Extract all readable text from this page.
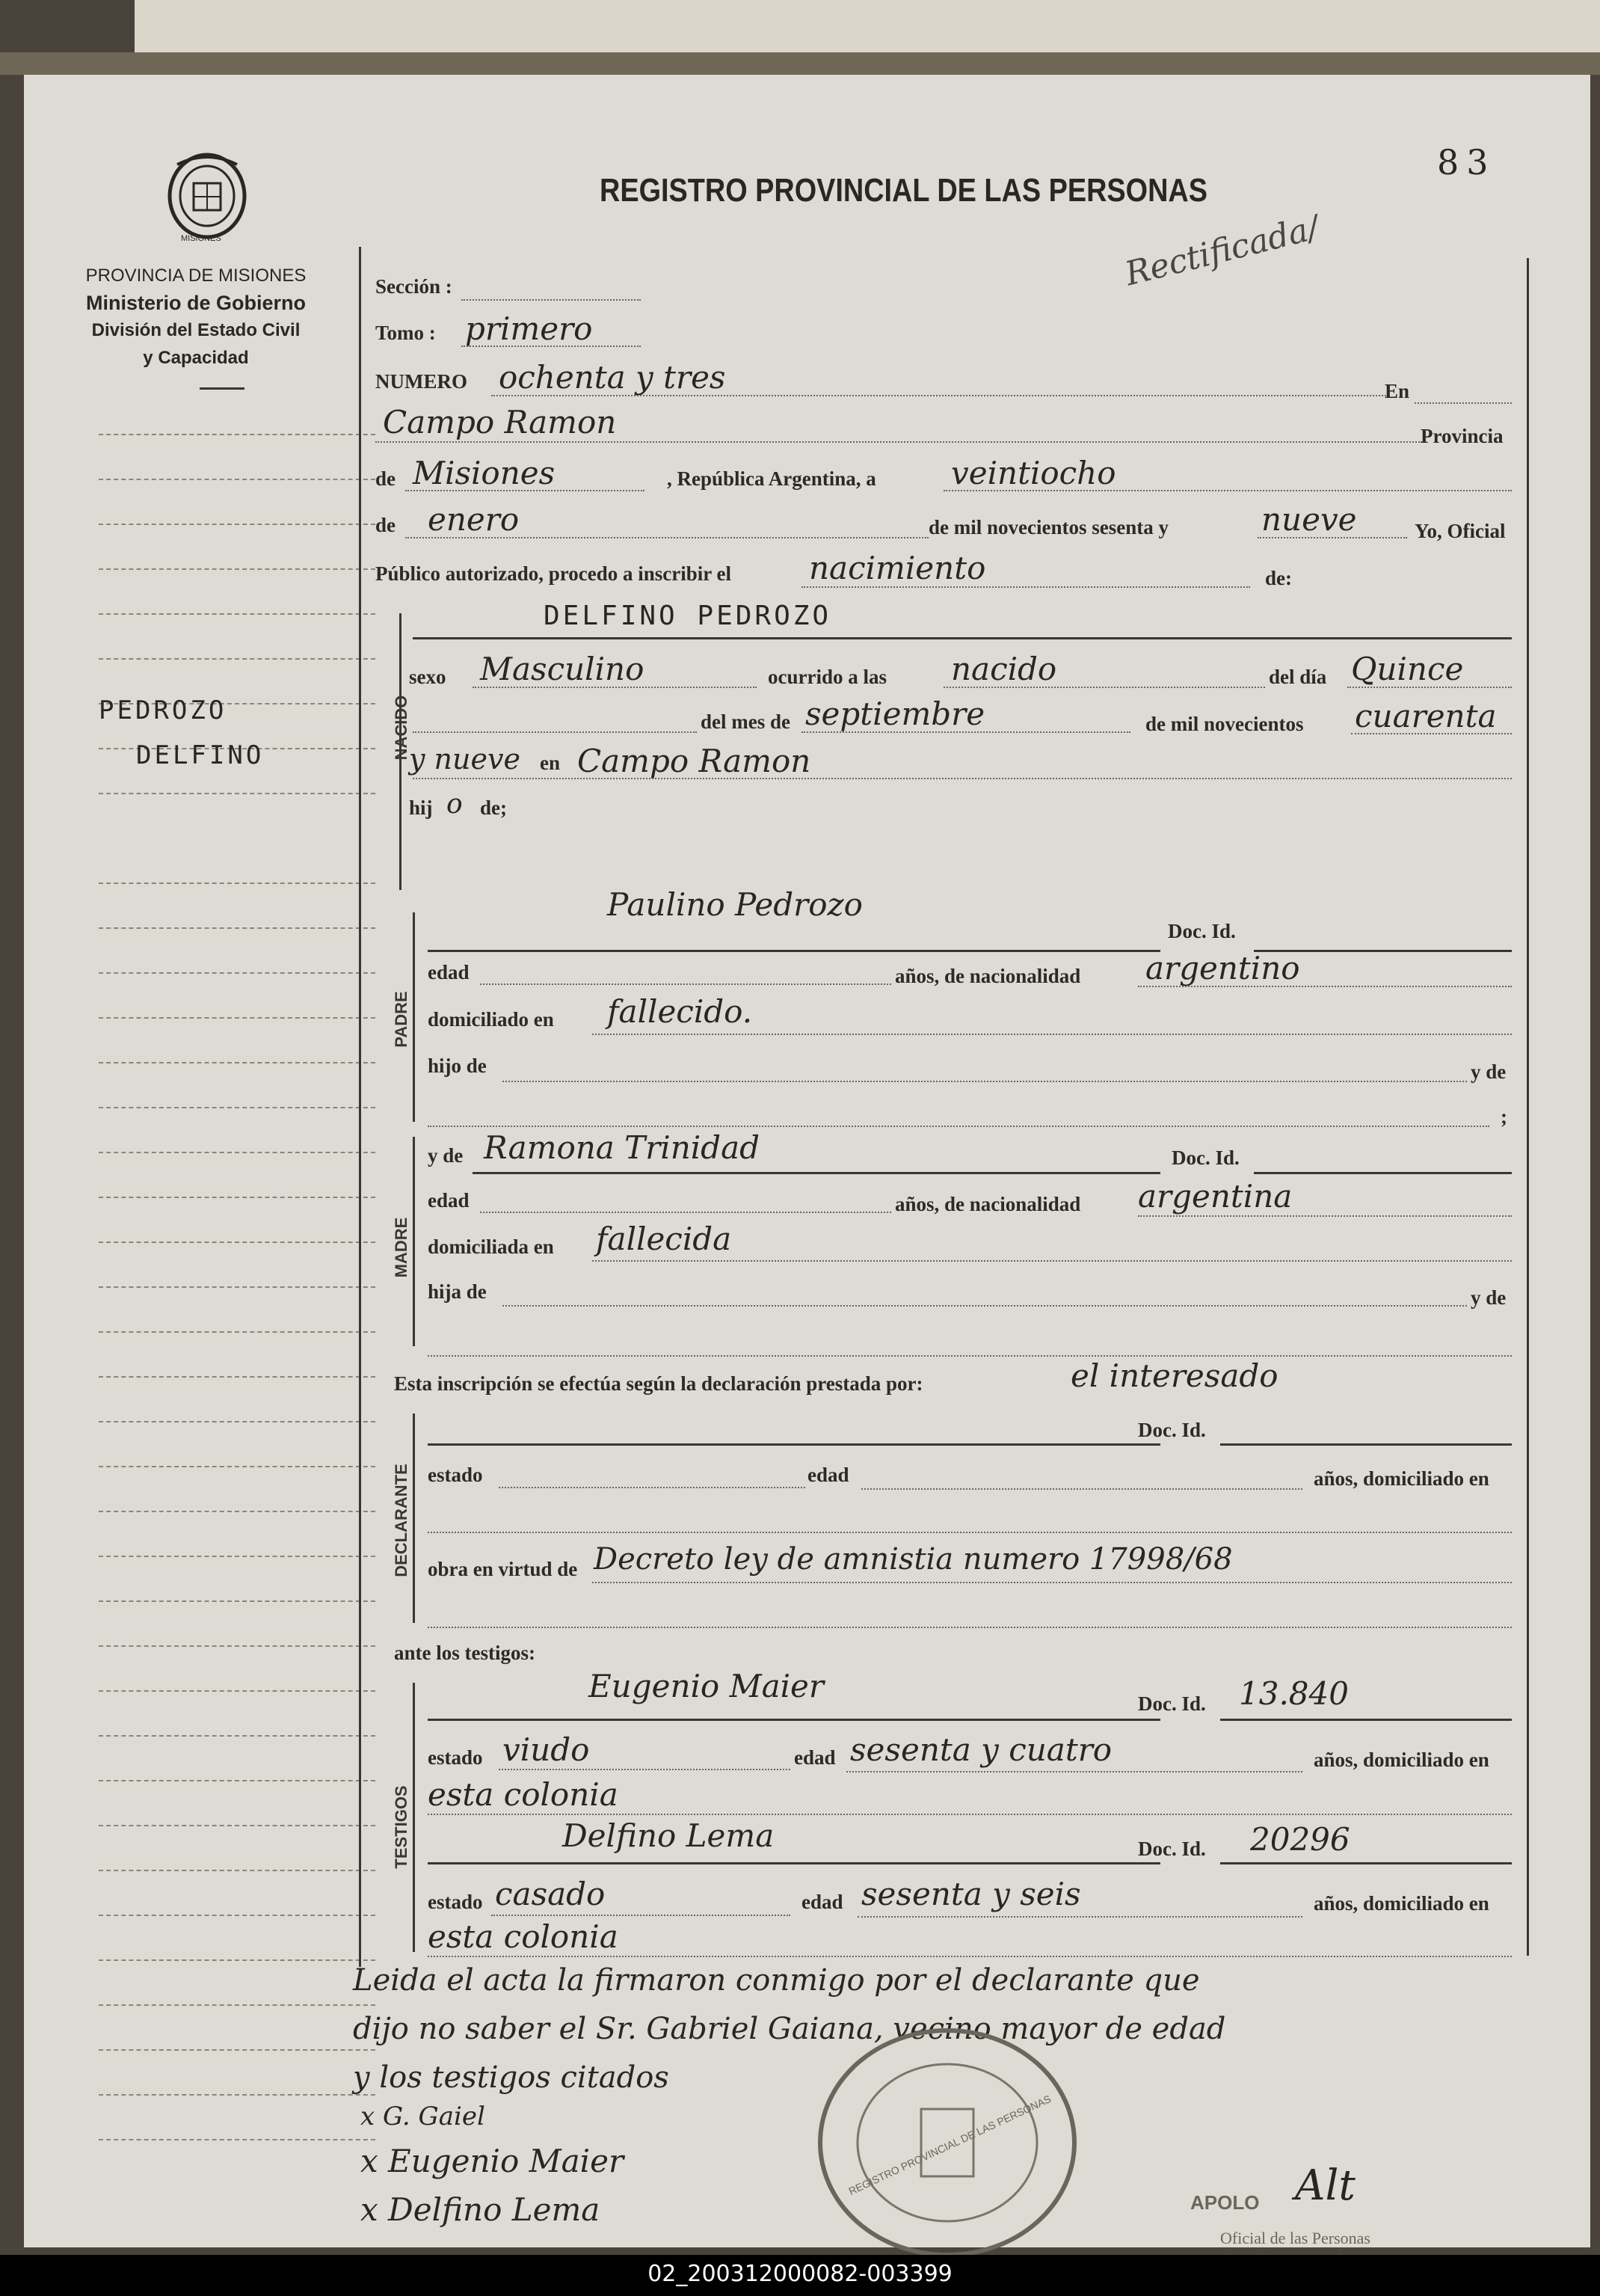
MISIONES
PROVINCIA DE MISIONES
Ministerio de Gobierno
División del Estado Civil
y Capacidad
REGISTRO PROVINCIAL DE LAS PERSONAS
83
Rectificada/
PEDROZO
DELFINO
Sección :
Tomo : primero
NUMERO ochenta y tres	En
Campo Ramon	Provincia
de Misiones	, República Argentina, a veintiocho
de enero	de mil novecientos sesenta y	nueve	Yo, Oficial
Público autorizado, procedo a inscribir el nacimiento	de:
NACIDO
DELFINO PEDROZO
sexo Masculino	ocurrido a las nacido	del día Quince
del mes de septiembre	de mil novecientos cuarenta
y nueve en Campo Ramon
hij o de;
PADRE
Paulino Pedrozo
Doc. Id.
edad	años, de nacionalidad argentino
domiciliado en fallecido.
hijo de	y de
;
MADRE
y de Ramona Trinidad	Doc. Id.
edad	años, de nacionalidad argentina
domiciliada en fallecida
hija de	y de
Esta inscripción se efectúa según la declaración prestada por:	el interesado
DECLARANTE
Doc. Id.
estado	edad	años, domiciliado en
obra en virtud de Decreto ley de amnistia numero 17998/68
ante los testigos:
TESTIGOS
Eugenio Maier	Doc. Id. 13.840
estado viudo	edad sesenta y cuatro	años, domiciliado en
esta colonia
Delfino Lema	Doc. Id. 20296
estado casado	edad sesenta y seis	años, domiciliado en
esta colonia
Leida el acta la firmaron conmigo por el declarante que
dijo no saber el Sr. Gabriel Gaiana, vecino mayor de edad
y los testigos citados
x G. Gaiel
x Eugenio Maier
x Delfino Lema
REGISTRO PROVINCIAL DE LAS PERSONAS
APOLO
Oficial de las Personas
Alt
02_200312000082-003399
